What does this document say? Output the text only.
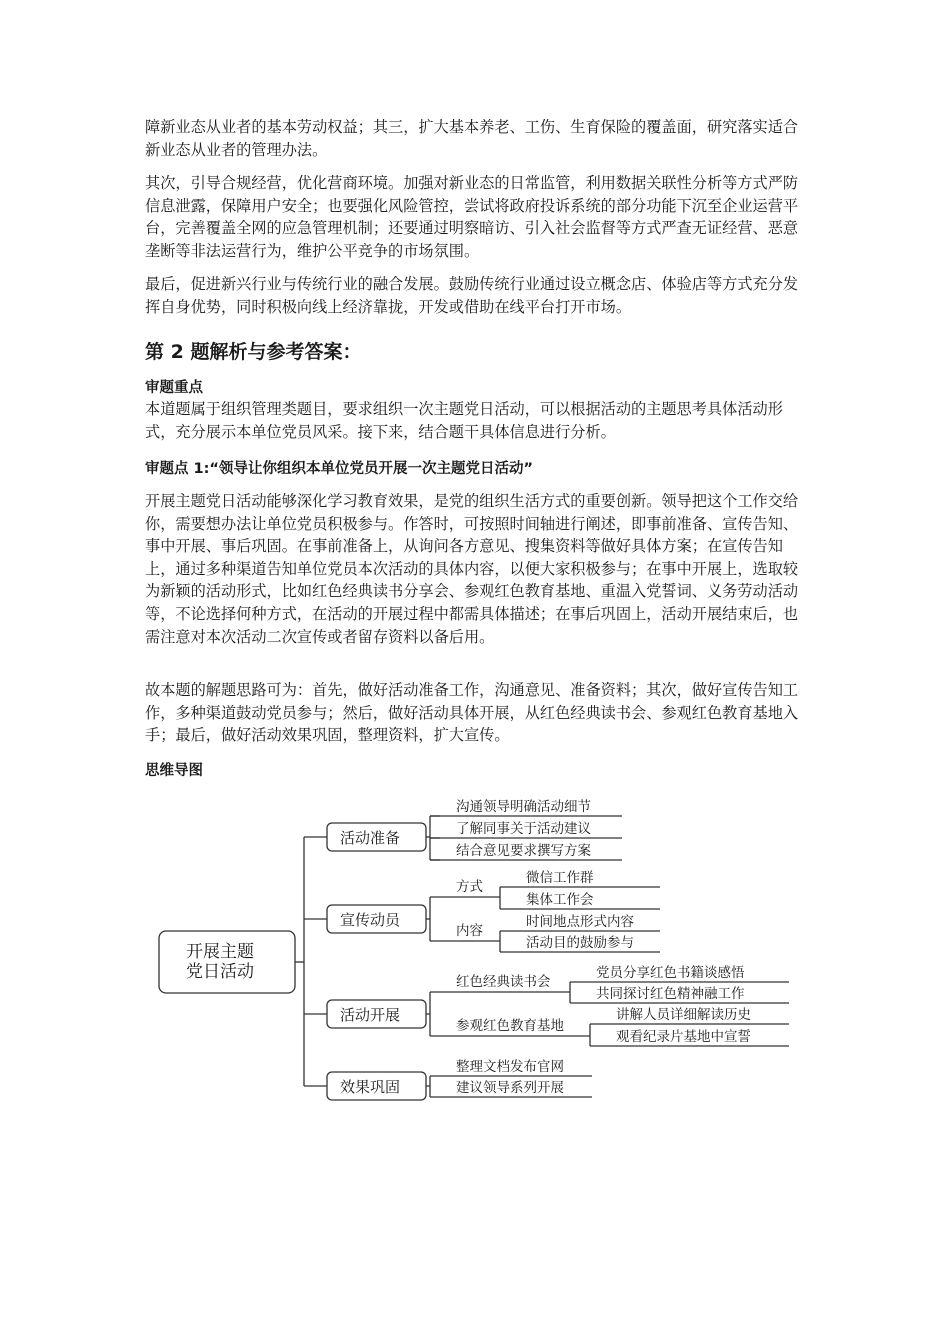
障新业态从业者的基本劳动权益；其三，扩大基本养老、工伤、生育保险的覆盖面，研究落实适合新业态从业者的管理办法。

其次，引导合规经营，优化营商环境。加强对新业态的日常监管，利用数据关联性分析等方式严防信息泄露，保障用户安全；也要强化风险管控，尝试将政府投诉系统的部分功能下沉至企业运营平台，完善覆盖全网的应急管理机制；还要通过明察暗访、引入社会监督等方式严查无证经营、恶意垄断等非法运营行为，维护公平竞争的市场氛围。

最后，促进新兴行业与传统行业的融合发展。鼓励传统行业通过设立概念店、体验店等方式充分发挥自身优势，同时积极向线上经济靠拢，开发或借助在线平台打开市场。

第 2 题解析与参考答案：

审题重点

本道题属于组织管理类题目，要求组织一次主题党日活动，可以根据活动的主题思考具体活动形式，充分展示本单位党员风采。接下来，结合题干具体信息进行分析。

审题点 1:“领导让你组织本单位党员开展一次主题党日活动”

开展主题党日活动能够深化学习教育效果，是党的组织生活方式的重要创新。领导把这个工作交给你，需要想办法让单位党员积极参与。作答时，可按照时间轴进行阐述，即事前准备、宣传告知、事中开展、事后巩固。在事前准备上，从询问各方意见、搜集资料等做好具体方案；在宣传告知上，通过多种渠道告知单位党员本次活动的具体内容，以便大家积极参与；在事中开展上，选取较为新颖的活动形式，比如红色经典读书分享会、参观红色教育基地、重温入党誓词、义务劳动活动等，不论选择何种方式，在活动的开展过程中都需具体描述；在事后巩固上，活动开展结束后，也需注意对本次活动二次宣传或者留存资料以备后用。

故本题的解题思路可为：首先，做好活动准备工作，沟通意见、准备资料；其次，做好宣传告知工作，多种渠道鼓动党员参与；然后，做好活动具体开展，从红色经典读书会、参观红色教育基地入手；最后，做好活动效果巩固，整理资料，扩大宣传。

思维导图

开展主题
党日活动
活动准备
宣传动员
活动开展
效果巩固
沟通领导明确活动细节
了解同事关于活动建议
结合意见要求撰写方案
方式
微信工作群
集体工作会
内容
时间地点形式内容
活动目的鼓励参与
红色经典读书会
党员分享红色书籍谈感悟
共同探讨红色精神融工作
参观红色教育基地
讲解人员详细解读历史
观看纪录片基地中宣誓
整理文档发布官网
建议领导系列开展
